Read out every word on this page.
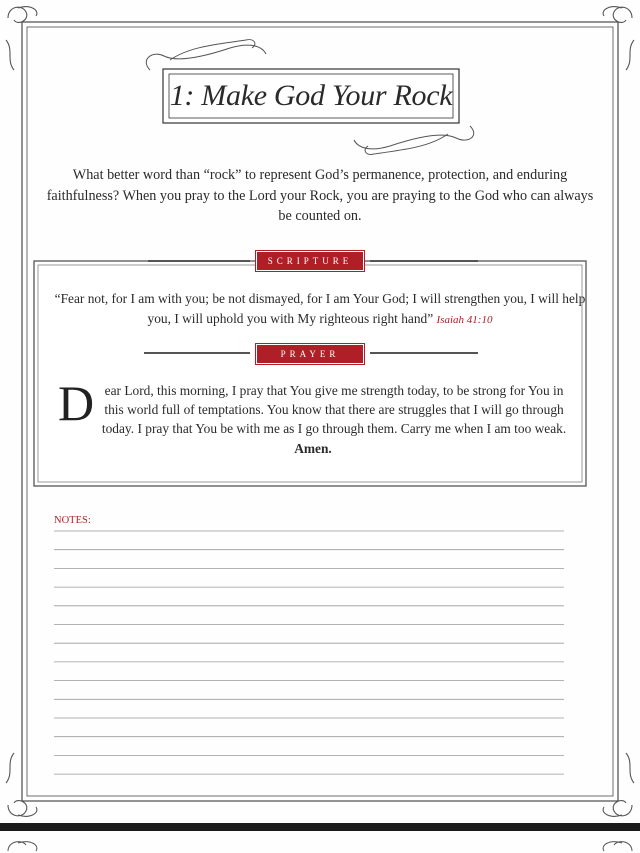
1: Make God Your Rock
What better word than “rock” to represent God’s permanence, protection, and enduring faithfulness? When you pray to the Lord your Rock, you are praying to the God who can always be counted on.
SCRIPTURE
“Fear not, for I am with you; be not dismayed, for I am Your God; I will strengthen you, I will help you, I will uphold you with My righteous right hand” Isaiah 41:10
PRAYER
D ear Lord, this morning, I pray that You give me strength today, to be strong for You in this world full of temptations. You know that there are struggles that I will go through today. I pray that You be with me as I go through them. Carry me when I am too weak. Amen.
NOTES:
